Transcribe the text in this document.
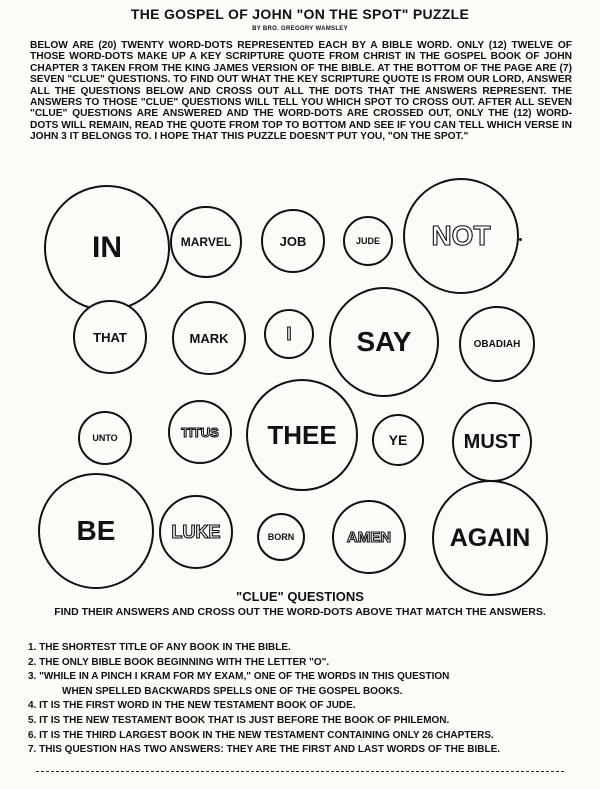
THE GOSPEL OF JOHN "ON THE SPOT" PUZZLE
BY BRO. GREGORY WAMSLEY
BELOW ARE (20) TWENTY WORD-DOTS REPRESENTED EACH BY A BIBLE WORD. ONLY (12) TWELVE OF THOSE WORD-DOTS MAKE UP A KEY SCRIPTURE QUOTE FROM CHRIST IN THE GOSPEL BOOK OF JOHN CHAPTER 3 TAKEN FROM THE KING JAMES VERSION OF THE BIBLE. AT THE BOTTOM OF THE PAGE ARE (7) SEVEN "CLUE" QUESTIONS. TO FIND OUT WHAT THE KEY SCRIPTURE QUOTE IS FROM OUR LORD, ANSWER ALL THE QUESTIONS BELOW AND CROSS OUT ALL THE DOTS THAT THE ANSWERS REPRESENT. THE ANSWERS TO THOSE "CLUE" QUESTIONS WILL TELL YOU WHICH SPOT TO CROSS OUT. AFTER ALL SEVEN "CLUE" QUESTIONS ARE ANSWERED AND THE WORD-DOTS ARE CROSSED OUT, ONLY THE (12) WORD-DOTS WILL REMAIN, READ THE QUOTE FROM TOP TO BOTTOM AND SEE IF YOU CAN TELL WHICH VERSE IN JOHN 3 IT BELONGS TO. I HOPE THAT THIS PUZZLE DOESN'T PUT YOU, "ON THE SPOT."
IN	MARVEL	JOB	JUDE NOT
THAT	MARK	I SAY	OBADIAH
UNTO	TITUS THEE	YE	MUST
BE	LUKE	BORN	AMEN AGAIN
"CLUE" QUESTIONS
FIND THEIR ANSWERS AND CROSS OUT THE WORD-DOTS ABOVE THAT MATCH THE ANSWERS.
1. THE SHORTEST TITLE OF ANY BOOK IN THE BIBLE.
2. THE ONLY BIBLE BOOK BEGINNING WITH THE LETTER "O".
3. "WHILE IN A PINCH I KRAM FOR MY EXAM," ONE OF THE WORDS IN THIS QUESTION
WHEN SPELLED BACKWARDS SPELLS ONE OF THE GOSPEL BOOKS.
4. IT IS THE FIRST WORD IN THE NEW TESTAMENT BOOK OF JUDE.
5. IT IS THE NEW TESTAMENT BOOK THAT IS JUST BEFORE THE BOOK OF PHILEMON.
6. IT IS THE THIRD LARGEST BOOK IN THE NEW TESTAMENT CONTAINING ONLY 26 CHAPTERS.
7. THIS QUESTION HAS TWO ANSWERS: THEY ARE THE FIRST AND LAST WORDS OF THE BIBLE.
